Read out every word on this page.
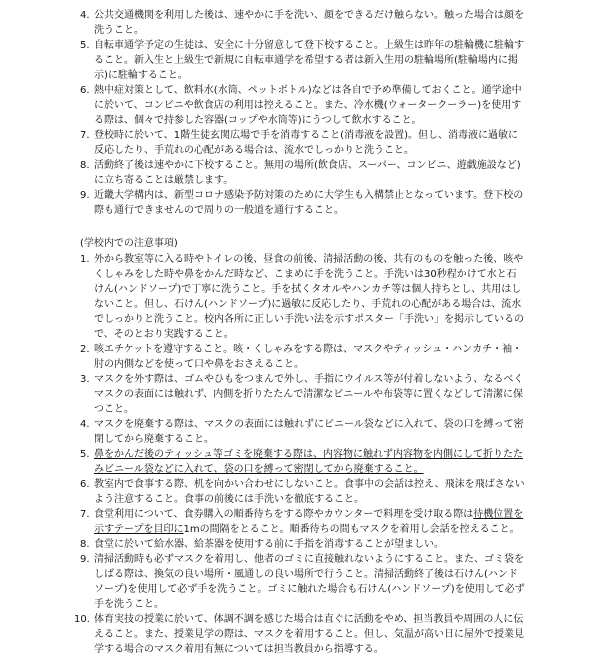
4. 公共交通機関を利用した後は、速やかに手を洗い、顔をできるだけ触らない。触った場合は顔を洗うこと。
5. 自転車通学予定の生徒は、安全に十分留意して登下校すること。上級生は昨年の駐輪機に駐輪すること。新入生と上級生で新規に自転車通学を希望する者は新入生用の駐輪場所(駐輪場内に掲示)に駐輪すること。
6. 熱中症対策として、飲料水(水筒、ペットボトル)などは各自で予め準備しておくこと。通学途中に於いて、コンビニや飲食店の利用は控えること。また、冷水機(ウォータークーラー)を使用する際は、個々で持参した容器(コップや水筒等)にうつして飲水すること。
7. 登校時に於いて、1階生徒玄関広場で手を消毒すること(消毒液を設置)。但し、消毒液に過敏に反応したり、手荒れの心配がある場合は、流水でしっかりと洗うこと。
8. 活動終了後は速やかに下校すること。無用の場所(飲食店、スーパー、コンビニ、遊戯施設など)に立ち寄ることは厳禁します。
9. 近畿大学構内は、新型コロナ感染予防対策のために大学生も入構禁止となっています。登下校の際も通行できませんので周りの一般道を通行すること。
(学校内での注意事項)
1. 外から教室等に入る時やトイレの後、昼食の前後、清掃活動の後、共有のものを触った後、咳やくしゃみをした時や鼻をかんだ時など、こまめに手を洗うこと。手洗いは30秒程かけて水と石けん(ハンドソープ)で丁寧に洗うこと。手を拭くタオルやハンカチ等は個人持ちとし、共用はしないこと。但し、石けん(ハンドソープ)に過敏に反応したり、手荒れの心配がある場合は、流水でしっかりと洗うこと。校内各所に正しい手洗い法を示すポスター「手洗い」を掲示しているので、そのとおり実践すること。
2. 咳エチケットを遵守すること。咳・くしゃみをする際は、マスクやティッシュ・ハンカチ・袖・肘の内側などを使って口や鼻をおさえること。
3. マスクを外す際は、ゴムやひもをつまんで外し、手指にウイルス等が付着しないよう、なるべくマスクの表面には触れず、内側を折りたたんで清潔なビニールや布袋等に置くなどして清潔に保つこと。
4. マスクを廃棄する際は、マスクの表面には触れずにビニール袋などに入れて、袋の口を縛って密閉してから廃棄すること。
5. 鼻をかんだ後のティッシュ等ゴミを廃棄する際は、内容物に触れず内容物を内側にして折りたたみビニール袋などに入れて、袋の口を縛って密閉してから廃棄すること。
6. 教室内で食事する際、机を向かい合わせにしないこと。食事中の会話は控え、飛沫を飛ばさないよう注意すること。食事の前後には手洗いを徹底すること。
7. 食堂利用について、食券購入の順番待ちをする際やカウンターで料理を受け取る際は待機位置を示すテープを目印に1mの間隔をとること。順番待ちの間もマスクを着用し会話を控えること。
8. 食堂に於いて給水器、給茶器を使用する前に手指を消毒することが望ましい。
9. 清掃活動時も必ずマスクを着用し、他者のゴミに直接触れないようにすること。また、ゴミ袋をしばる際は、換気の良い場所・風通しの良い場所で行うこと。清掃活動終了後は石けん(ハンドソープ)を使用して必ず手を洗うこと。ゴミに触れた場合も石けん(ハンドソープ)を使用して必ず手を洗うこと。
10. 体育実技の授業に於いて、体調不調を感じた場合は直ぐに活動をやめ、担当教員や周囲の人に伝えること。また、授業見学の際は、マスクを着用すること。但し、気温が高い日に屋外で授業見学する場合のマスク着用有無については担当教員から指導する。
